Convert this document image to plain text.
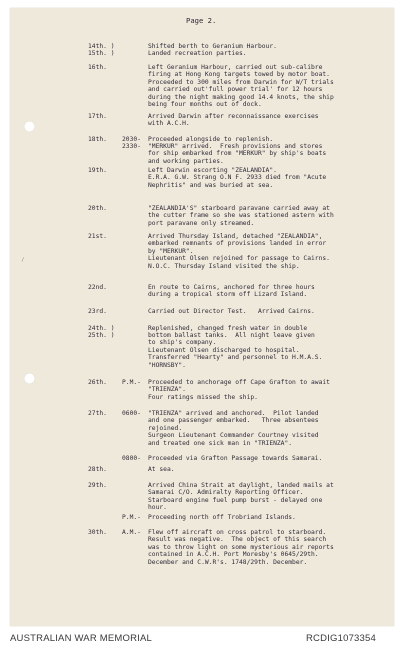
Page 2.
14th. )	Shifted berth to Geranium Harbour.
15th. )	Landed recreation parties.
16th.	Left Geranium Harbour, carried out sub-calibre
firing at Hong Kong targets towed by motor boat.
Proceeded to 300 miles from Darwin for W/T trials
and carried out'full power trial' for 12 hours
during the night making good 14.4 knots, the ship
being four months out of dock.
17th.	Arrived Darwin after reconnaissance exercises
with A.C.H.
18th.	2030- Proceeded alongside to replenish.
2330- "MERKUR" arrived.  Fresh provisions and stores
for ship embarked from "MERKUR" by ship's boats
and working parties.
19th.	Left Darwin escorting "ZEALANDIA".
E.R.A. G.W. Strang O.N F. 2933 died from "Acute
Nephritis" and was buried at sea.
20th.	"ZEALANDIA'S" starboard paravane carried away at
the cutter frame so she was stationed astern with
port paravane only streamed.
21st.	Arrived Thursday Island, detached "ZEALANDIA",
embarked remnants of provisions landed in error
by "MERKUR".
Lieutenant Olsen rejoined for passage to Cairns.
N.O.C. Thursday Island visited the ship.
22nd.	En route to Cairns, anchored for three hours
during a tropical storm off Lizard Island.
23rd.	Carried out Director Test.   Arrived Cairns.
24th. )	Replenished, changed fresh water in double
25th. )	bottom ballast tanks.  All night leave given
to ship's company.
Lieutenant Olsen discharged to hospital.
Transferred "Hearty" and personnel to H.M.A.S.
"HORNSBY".
26th.	P.M.- Proceeded to anchorage off Cape Grafton to await
"TRIENZA".
Four ratings missed the ship.
27th.	0600- "TRIENZA" arrived and anchored.  Pilot landed
and one passenger embarked.   Three absentees
rejoined.
Surgeon Lieutenant Commander Courtney visited
and treated one sick man in "TRIENZA".
0800- Proceeded via Grafton Passage towards Samarai.
28th.	At sea.
29th.	Arrived China Strait at daylight, landed mails at
Samarai C/O. Admiralty Reporting Officer.
Starboard engine fuel pump burst - delayed one
hour.
P.M.- Proceeding north off Trobriand Islands.
30th.	A.M.- Flew off aircraft on cross patrol to starboard.
Result was negative.  The object of this search
was to throw light on some mysterious air reports
contained in A.C.H. Port Moresby's 0645/29th.
December and C.W.R's. 1748/29th. December.
/
AUSTRALIAN WAR MEMORIAL	RCDIG1073354
